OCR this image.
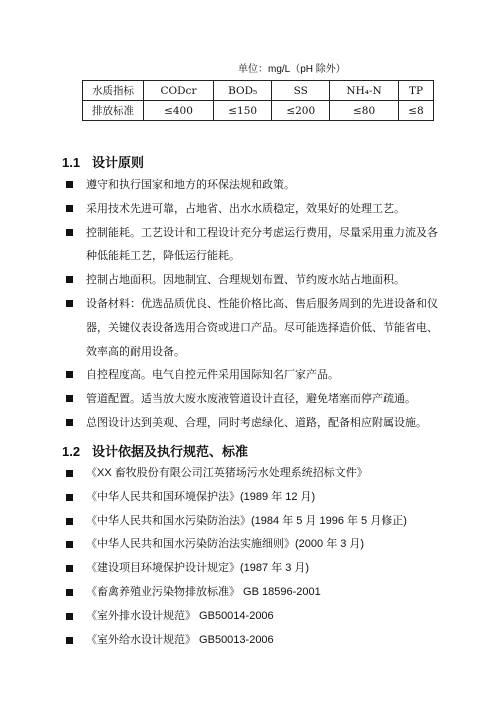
单位：mg/L（pH 除外）
水质指标	CODcr	BOD₅	SS	NH₄-N	TP
排放标准	≤400	≤150	≤200	≤80	≤8
1.1 设计原则
遵守和执行国家和地方的环保法规和政策。
采用技术先进可靠，占地省、出水水质稳定，效果好的处理工艺。
控制能耗。工艺设计和工程设计充分考虑运行费用，尽量采用重力流及各种低能耗工艺，降低运行能耗。
控制占地面积。因地制宜、合理规划布置、节约废水站占地面积。
设备材料：优选品质优良、性能价格比高、售后服务周到的先进设备和仪器，关键仪表设备选用合资或进口产品。尽可能选择造价低、节能省电、效率高的耐用设备。
自控程度高。电气自控元件采用国际知名厂家产品。
管道配置。适当放大废水废液管道设计直径，避免堵塞而停产疏通。
总图设计达到美观、合理，同时考虑绿化、道路，配备相应附属设施。
1.2 设计依据及执行规范、标准
《XX 畜牧股份有限公司江英猪场污水处理系统招标文件》
《中华人民共和国环境保护法》(1989 年 12 月)
《中华人民共和国水污染防治法》(1984 年 5 月 1996 年 5 月修正)
《中华人民共和国水污染防治法实施细则》(2000 年 3 月)
《建设项目环境保护设计规定》(1987 年 3 月)
《畜禽养殖业污染物排放标准》 GB 18596-2001
《室外排水设计规范》 GB50014-2006
《室外给水设计规范》 GB50013-2006
